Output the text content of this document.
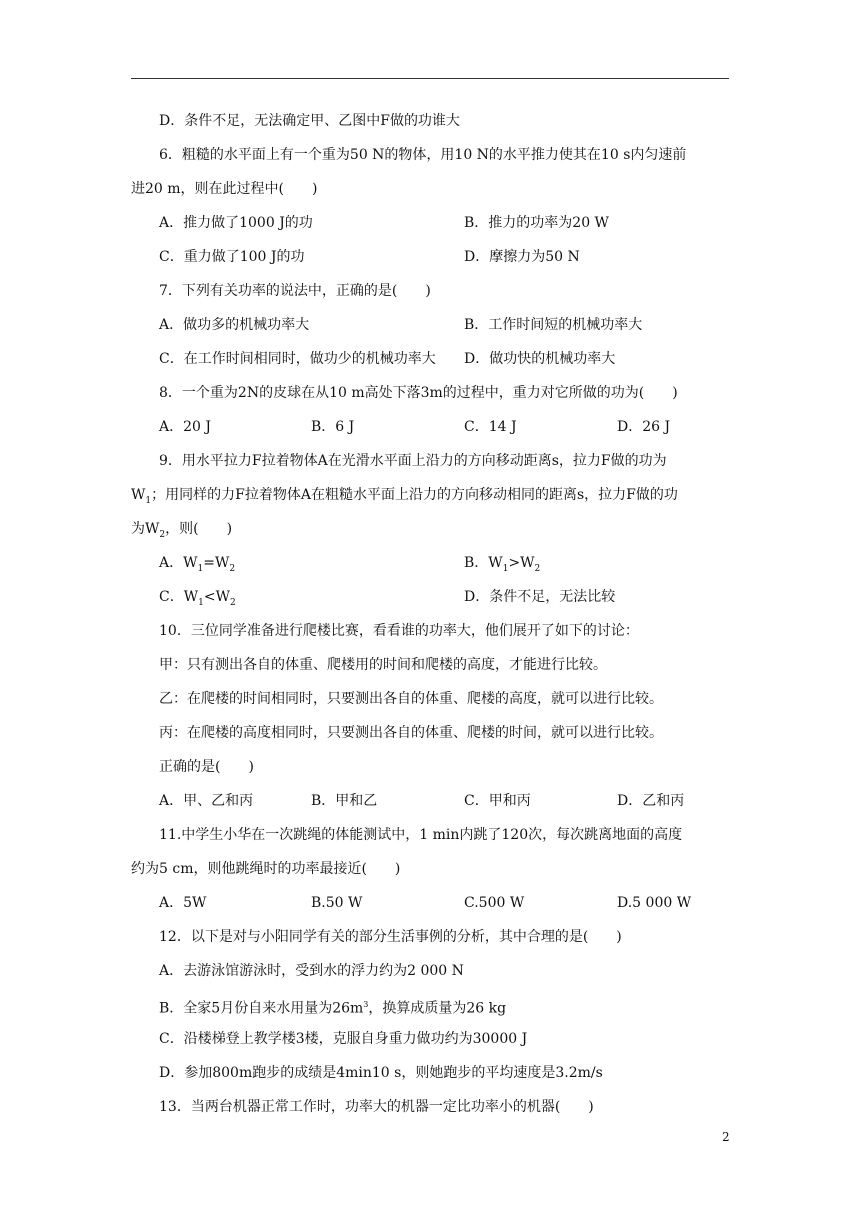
D．条件不足，无法确定甲、乙图中F做的功谁大
6．粗糙的水平面上有一个重为50 N的物体，用10 N的水平推力使其在10 s内匀速前
进20 m，则在此过程中(　　)
A．推力做了1000 J的功	B．推力的功率为20 W
C．重力做了100 J的功	D．摩擦力为50 N
7．下列有关功率的说法中，正确的是(　　)
A．做功多的机械功率大	B．工作时间短的机械功率大
C．在工作时间相同时，做功少的机械功率大 D．做功快的机械功率大
8．一个重为2N的皮球在从10 m高处下落3m的过程中，重力对它所做的功为(　　)
A．20 J	B．6 J	C．14 J	D．26 J
9．用水平拉力F拉着物体A在光滑水平面上沿力的方向移动距离s，拉力F做的功为
$W_1$；用同样的力F拉着物体A在粗糙水平面上沿力的方向移动相同的距离s，拉力F做的功
为$W_2$，则(　　)
A．$W_1=W_2$	B．$W_1>W_2$
C．$W_1<W_2$	D．条件不足，无法比较
10．三位同学准备进行爬楼比赛，看看谁的功率大，他们展开了如下的讨论：
甲：只有测出各自的体重、爬楼用的时间和爬楼的高度，才能进行比较。
乙：在爬楼的时间相同时，只要测出各自的体重、爬楼的高度，就可以进行比较。
丙：在爬楼的高度相同时，只要测出各自的体重、爬楼的时间，就可以进行比较。
正确的是(　　)
A．甲、乙和丙	B．甲和乙	C．甲和丙	D．乙和丙
11.中学生小华在一次跳绳的体能测试中，1 min内跳了120次，每次跳离地面的高度
约为5 cm，则他跳绳时的功率最接近(　　)
A．5W	B.50 W	C.500 W	D.5 000 W
12．以下是对与小阳同学有关的部分生活事例的分析，其中合理的是(　　)
A．去游泳馆游泳时，受到水的浮力约为2 000 N
B．全家5月份自来水用量为$26m^3$，换算成质量为26 kg
C．沿楼梯登上教学楼3楼，克服自身重力做功约为30000 J
D．参加800m跑步的成绩是4min10 s，则她跑步的平均速度是3.2m/s
13．当两台机器正常工作时，功率大的机器一定比功率小的机器(　　)
2
